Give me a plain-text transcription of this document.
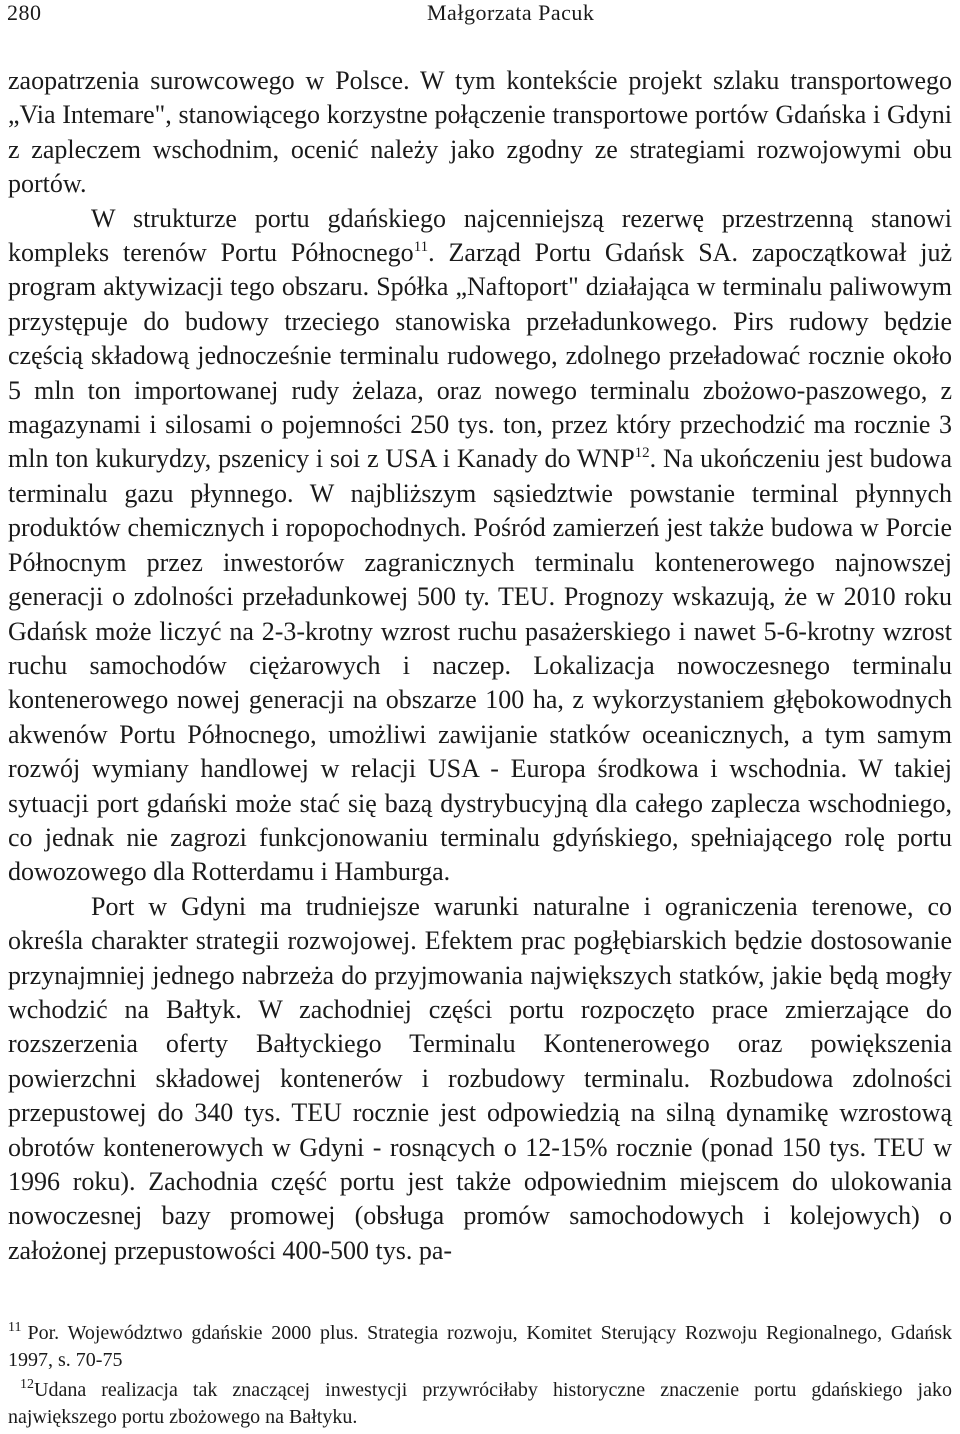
280	Małgorzata Pacuk

zaopatrzenia surowcowego w Polsce. W tym kontekście projekt szlaku transportowego „Via Intemare", stanowiącego korzystne połączenie transportowe portów Gdańska i Gdyni z zapleczem wschodnim, ocenić należy jako zgodny ze strategiami rozwojowymi obu portów.

W strukturze portu gdańskiego najcenniejszą rezerwę przestrzenną stanowi kompleks terenów Portu Północnego$^{11}$. Zarząd Portu Gdańsk SA. zapoczątkował już program aktywizacji tego obszaru. Spółka „Naftoport" działająca w terminalu paliwowym przystępuje do budowy trzeciego stanowiska przeładunkowego. Pirs rudowy będzie częścią składową jednocześnie terminalu rudowego, zdolnego przeładować rocznie około 5 mln ton importowanej rudy żelaza, oraz nowego terminalu zbożowo-paszowego, z magazynami i silosami o pojemności 250 tys. ton, przez który przechodzić ma rocznie 3 mln ton kukurydzy, pszenicy i soi z USA i Kanady do WNP$^{12}$. Na ukończeniu jest budowa terminalu gazu płynnego. W najbliższym sąsiedztwie powstanie terminal płynnych produktów chemicznych i ropopochodnych. Pośród zamierzeń jest także budowa w Porcie Północnym przez inwestorów zagranicznych terminalu kontenerowego najnowszej generacji o zdolności przeładunkowej 500 ty. TEU. Prognozy wskazują, że w 2010 roku Gdańsk może liczyć na 2-3-krotny wzrost ruchu pasażerskiego i nawet 5-6-krotny wzrost ruchu samochodów ciężarowych i naczep. Lokalizacja nowoczesnego terminalu kontenerowego nowej generacji na obszarze 100 ha, z wykorzystaniem głębokowodnych akwenów Portu Północnego, umożliwi zawijanie statków oceanicznych, a tym samym rozwój wymiany handlowej w relacji USA - Europa środkowa i wschodnia. W takiej sytuacji port gdański może stać się bazą dystrybucyjną dla całego zaplecza wschodniego, co jednak nie zagrozi funkcjonowaniu terminalu gdyńskiego, spełniającego rolę portu dowozowego dla Rotterdamu i Hamburga.

Port w Gdyni ma trudniejsze warunki naturalne i ograniczenia terenowe, co określa charakter strategii rozwojowej. Efektem prac pogłębiarskich będzie dostosowanie przynajmniej jednego nabrzeża do przyjmowania największych statków, jakie będą mogły wchodzić na Bałtyk. W zachodniej części portu rozpoczęto prace zmierzające do rozszerzenia oferty Bałtyckiego Terminalu Kontenerowego oraz powiększenia powierzchni składowej kontenerów i rozbudowy terminalu. Rozbudowa zdolności przepustowej do 340 tys. TEU rocznie jest odpowiedzią na silną dynamikę wzrostową obrotów kontenerowych w Gdyni - rosnących o 12-15% rocznie (ponad 150 tys. TEU w 1996 roku). Zachodnia część portu jest także odpowiednim miejscem do ulokowania nowoczesnej bazy promowej (obsługa promów samochodowych i kolejowych) o założonej przepustowości 400-500 tys. pa-

$^{11}$ Por. Województwo gdańskie 2000 plus. Strategia rozwoju, Komitet Sterujący Rozwoju Regionalnego, Gdańsk 1997, s. 70-75

$^{12}$Udana realizacja tak znaczącej inwestycji przywróciłaby historyczne znaczenie portu gdańskiego jako największego portu zbożowego na Bałtyku.
